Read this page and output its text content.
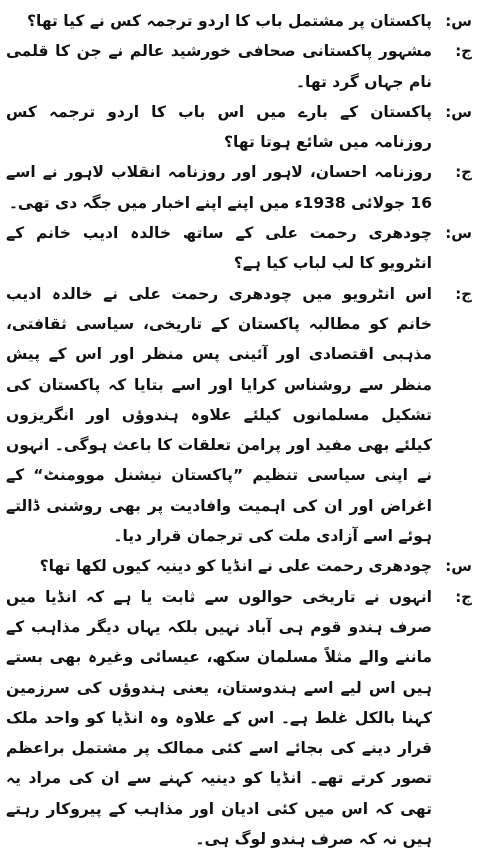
س:
پاکستان پر مشتمل باب کا اردو ترجمہ کس نے کیا تھا؟
ج:
مشہور پاکستانی صحافی خورشید عالم نے جن کا قلمی نام جہاں گرد تھا۔
س:
پاکستان کے بارے میں اس باب کا اردو ترجمہ کس روزنامہ میں شائع ہوتا تھا؟
ج:
روزنامہ احسان، لاہور اور روزنامہ انقلاب لاہور نے اسے 16 جولائی 1938ء میں اپنے اپنے اخبار میں جگہ دی تھی۔
س:
چودھری رحمت علی کے ساتھ خالدہ ادیب خانم کے انٹرویو کا لب لباب کیا ہے؟
ج:
اس انٹرویو میں چودھری رحمت علی نے خالدہ ادیب خانم کو مطالبہ پاکستان کے تاریخی، سیاسی ثقافتی، مذہبی اقتصادی اور آئینی پس منظر اور اس کے پیش منظر سے روشناس کرایا اور اسے بتایا کہ پاکستان کی تشکیل مسلمانوں کیلئے علاوہ ہندوؤں اور انگریزوں کیلئے بھی مفید اور پرامن تعلقات کا باعث ہوگی۔ انہوں نے اپنی سیاسی تنظیم ”پاکستان نیشنل موومنٹ“ کے اغراض اور ان کی اہمیت وافادیت پر بھی روشنی ڈالتے ہوئے اسے آزادی ملت کی ترجمان قرار دیا۔
س:
چودھری رحمت علی نے انڈیا کو دینیہ کیوں لکھا تھا؟
ج:
انہوں نے تاریخی حوالوں سے ثابت یا ہے کہ انڈیا میں صرف ہندو قوم ہی آباد نہیں بلکہ یہاں دیگر مذاہب کے ماننے والے مثلاً مسلمان سکھ، عیسائی وغیرہ بھی بستے ہیں اس لیے اسے ہندوستان، یعنی ہندوؤں کی سرزمین کہنا بالکل غلط ہے۔ اس کے علاوہ وہ انڈیا کو واحد ملک قرار دینے کی بجائے اسے کئی ممالک پر مشتمل براعظم تصور کرتے تھے۔ انڈیا کو دینیہ کہنے سے ان کی مراد یہ تھی کہ اس میں کئی ادیان اور مذاہب کے پیروکار رہتے ہیں نہ کہ صرف ہندو لوگ ہی۔
